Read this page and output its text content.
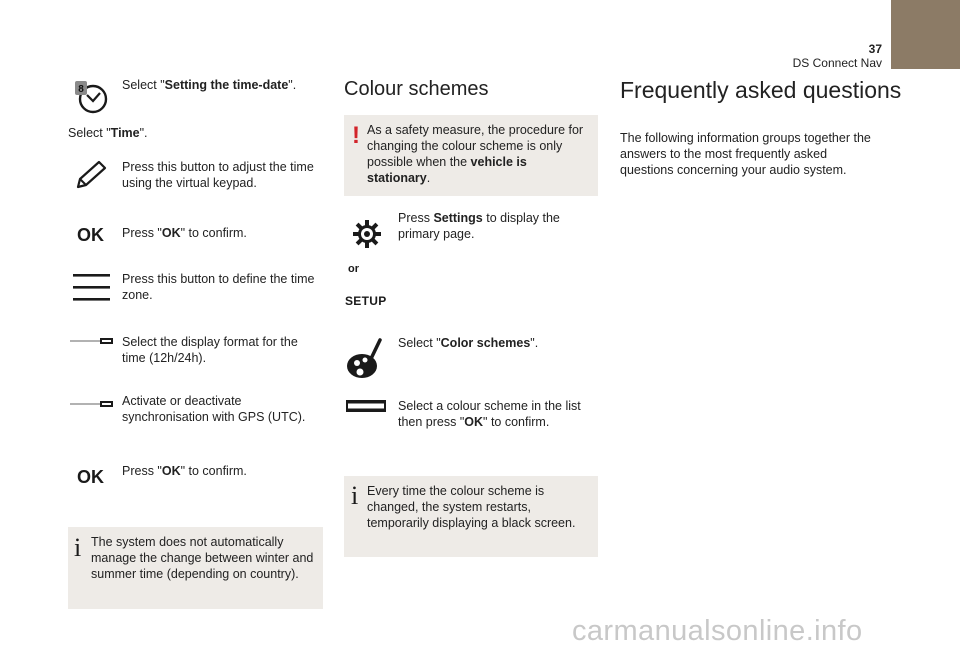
37
DS Connect Nav
8	Select "Setting the time-date".
Select "Time".
Press this button to adjust the time using the virtual keypad.
OK Press "OK" to confirm.
Press this button to define the time zone.
Select the display format for the time (12h/24h).
Activate or deactivate synchronisation with GPS (UTC).
OK Press "OK" to confirm.
i The system does not automatically manage the change between winter and summer time (depending on country).
Colour schemes
! As a safety measure, the procedure for changing the colour scheme is only possible when the vehicle is stationary.
Press Settings to display the primary page.
or
SETUP
Select "Color schemes".
Select a colour scheme in the list then press "OK" to confirm.
i Every time the colour scheme is changed, the system restarts, temporarily displaying a black screen.
Frequently asked questions
The following information groups together the answers to the most frequently asked questions concerning your audio system.
carmanualsonline.info
